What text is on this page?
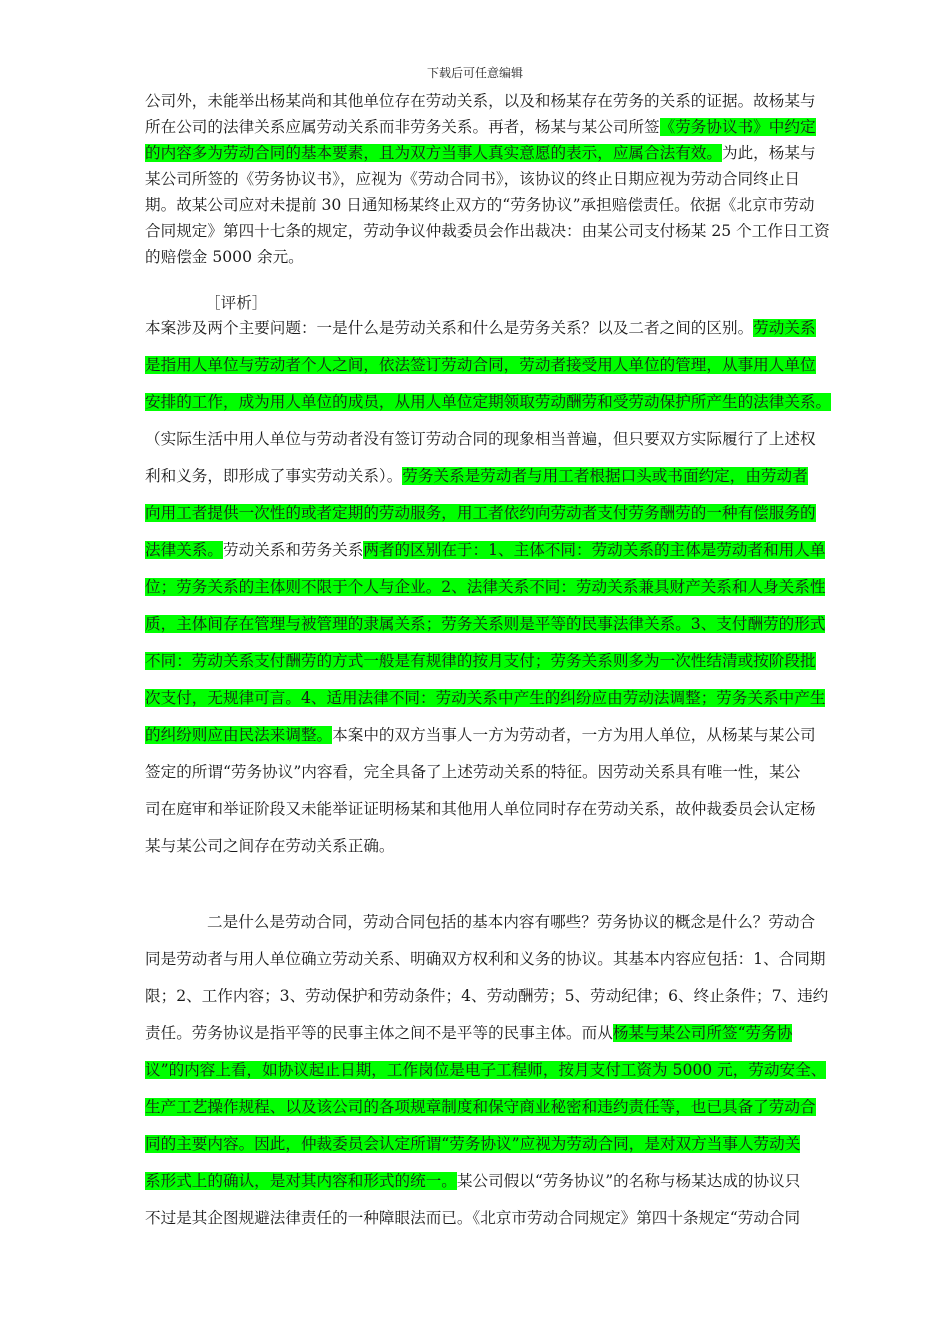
下载后可任意编辑
公司外，未能举出杨某尚和其他单位存在劳动关系，以及和杨某存在劳务的关系的证据。故杨某与
所在公司的法律关系应属劳动关系而非劳务关系。再者，杨某与某公司所签《劳务协议书》中约定
的内容多为劳动合同的基本要素，且为双方当事人真实意愿的表示，应属合法有效。为此，杨某与
某公司所签的《劳务协议书》，应视为《劳动合同书》，该协议的终止日期应视为劳动合同终止日
期。故某公司应对未提前 30 日通知杨某终止双方的“劳务协议”承担赔偿责任。依据《北京市劳动
合同规定》第四十七条的规定，劳动争议仲裁委员会作出裁决：由某公司支付杨某 25 个工作日工资
的赔偿金 5000 余元。
［评析］
本案涉及两个主要问题：一是什么是劳动关系和什么是劳务关系？以及二者之间的区别。劳动关系
是指用人单位与劳动者个人之间，依法签订劳动合同，劳动者接受用人单位的管理，从事用人单位
安排的工作，成为用人单位的成员，从用人单位定期领取劳动酬劳和受劳动保护所产生的法律关系。
（实际生活中用人单位与劳动者没有签订劳动合同的现象相当普遍，但只要双方实际履行了上述权
利和义务，即形成了事实劳动关系）。劳务关系是劳动者与用工者根据口头或书面约定，由劳动者
向用工者提供一次性的或者定期的劳动服务，用工者依约向劳动者支付劳务酬劳的一种有偿服务的
法律关系。劳动关系和劳务关系两者的区别在于：1、主体不同：劳动关系的主体是劳动者和用人单
位；劳务关系的主体则不限于个人与企业。2、法律关系不同：劳动关系兼具财产关系和人身关系性
质，主体间存在管理与被管理的隶属关系；劳务关系则是平等的民事法律关系。3、支付酬劳的形式
不同：劳动关系支付酬劳的方式一般是有规律的按月支付；劳务关系则多为一次性结清或按阶段批
次支付，无规律可言。4、适用法律不同：劳动关系中产生的纠纷应由劳动法调整；劳务关系中产生
的纠纷则应由民法来调整。本案中的双方当事人一方为劳动者，一方为用人单位，从杨某与某公司
签定的所谓“劳务协议”内容看，完全具备了上述劳动关系的特征。因劳动关系具有唯一性，某公
司在庭审和举证阶段又未能举证证明杨某和其他用人单位同时存在劳动关系，故仲裁委员会认定杨
某与某公司之间存在劳动关系正确。
二是什么是劳动合同，劳动合同包括的基本内容有哪些？劳务协议的概念是什么？劳动合
同是劳动者与用人单位确立劳动关系、明确双方权利和义务的协议。其基本内容应包括：1、合同期
限；2、工作内容；3、劳动保护和劳动条件；4、劳动酬劳；5、劳动纪律；6、终止条件；7、违约
责任。劳务协议是指平等的民事主体之间不是平等的民事主体。而从杨某与某公司所签“劳务协
议”的内容上看，如协议起止日期，工作岗位是电子工程师，按月支付工资为 5000 元，劳动安全、
生产工艺操作规程、以及该公司的各项规章制度和保守商业秘密和违约责任等，也已具备了劳动合
同的主要内容。因此，仲裁委员会认定所谓“劳务协议”应视为劳动合同，是对双方当事人劳动关
系形式上的确认，是对其内容和形式的统一。某公司假以“劳务协议”的名称与杨某达成的协议只
不过是其企图规避法律责任的一种障眼法而已。《北京市劳动合同规定》第四十条规定“劳动合同
